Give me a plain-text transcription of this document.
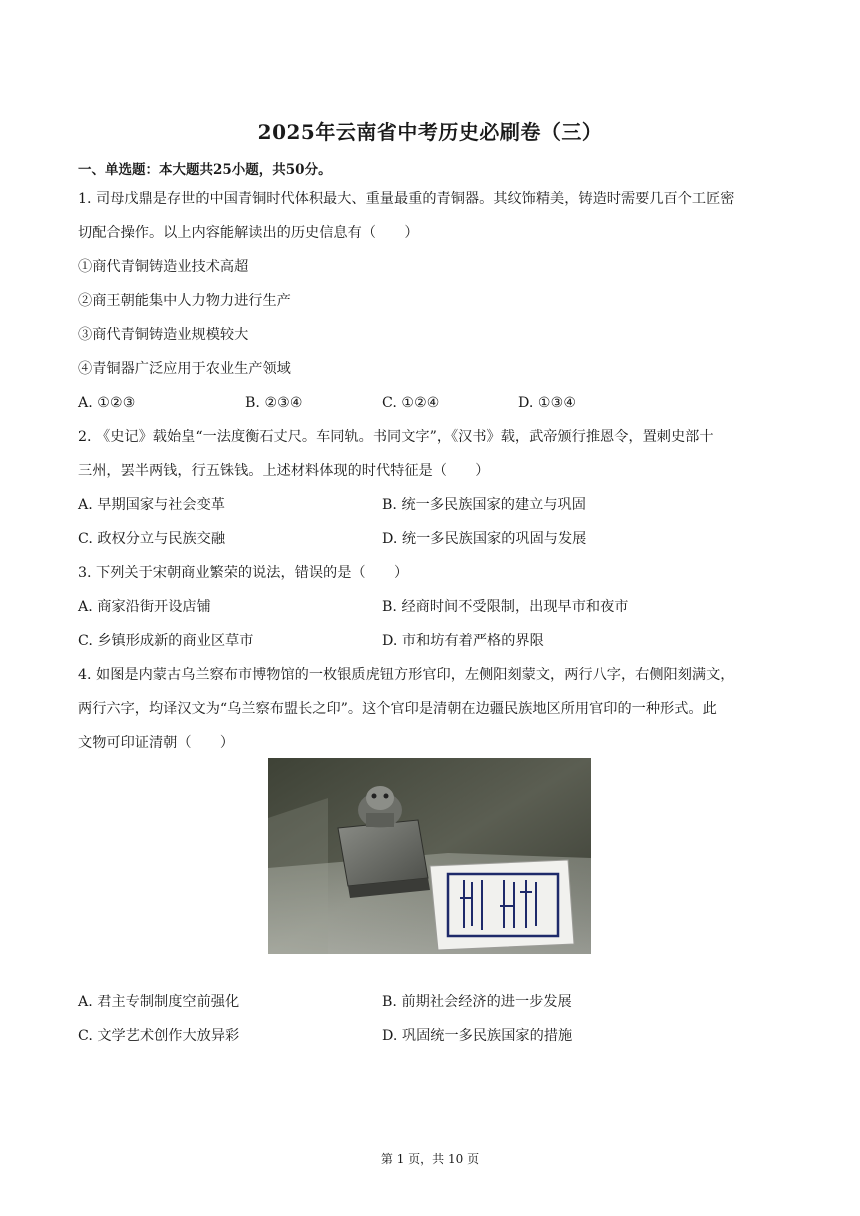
2025年云南省中考历史必刷卷（三）
一、单选题：本大题共25小题，共50分。
1. 司母戊鼎是存世的中国青铜时代体积最大、重量最重的青铜器。其纹饰精美，铸造时需要几百个工匠密
切配合操作。以上内容能解读出的历史信息有（　　）
①商代青铜铸造业技术高超
②商王朝能集中人力物力进行生产
③商代青铜铸造业规模较大
④青铜器广泛应用于农业生产领域
A. ①②③	B. ②③④	C. ①②④	D. ①③④
2. 《史记》载始皇“一法度衡石丈尺。车同轨。书同文字”，《汉书》载，武帝颁行推恩令，置刺史部十
三州，罢半两钱，行五铢钱。上述材料体现的时代特征是（　　）
A. 早期国家与社会变革	B. 统一多民族国家的建立与巩固
C. 政权分立与民族交融	D. 统一多民族国家的巩固与发展
3. 下列关于宋朝商业繁荣的说法，错误的是（　　）
A. 商家沿街开设店铺	B. 经商时间不受限制，出现早市和夜市
C. 乡镇形成新的商业区草市	D. 市和坊有着严格的界限
4. 如图是内蒙古乌兰察布市博物馆的一枚银质虎钮方形官印，左侧阳刻蒙文，两行八字，右侧阳刻满文，
两行六字，均译汉文为“乌兰察布盟长之印”。这个官印是清朝在边疆民族地区所用官印的一种形式。此
文物可印证清朝（　　）
A. 君主专制制度空前强化	B. 前期社会经济的进一步发展
C. 文学艺术创作大放异彩	D. 巩固统一多民族国家的措施
第 1 页，共 10 页
